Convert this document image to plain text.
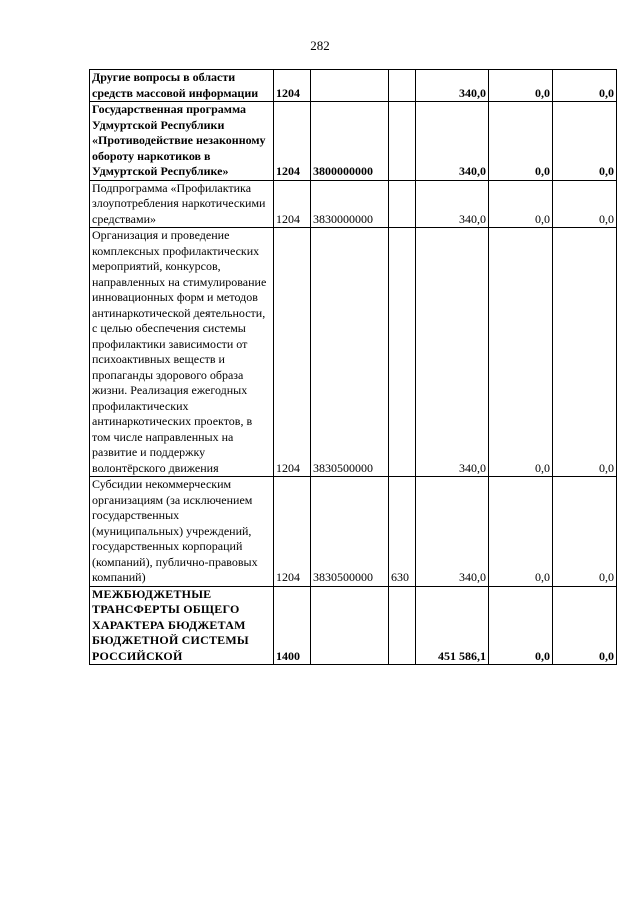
282
Другие вопросы в области средств массовой информации	1204			340,0	0,0	0,0
Государственная программа Удмуртской Республики «Противодействие незаконному обороту наркотиков в Удмуртской Республике»	1204	3800000000		340,0	0,0	0,0
Подпрограмма «Профилактика злоупотребления наркотическими средствами»	1204	3830000000		340,0	0,0	0,0
Организация и проведение комплексных профилактических мероприятий, конкурсов, направленных на стимулирование инновационных форм и методов антинаркотической деятельности, с целью обеспечения системы профилактики зависимости от психоактивных веществ и пропаганды здорового образа жизни. Реализация ежегодных профилактических антинаркотических проектов, в том числе направленных на развитие и поддержку волонтёрского движения	1204	3830500000		340,0	0,0	0,0
Субсидии некоммерческим организациям (за исключением государственных (муниципальных) учреждений, государственных корпораций (компаний), публично-правовых компаний)	1204	3830500000	630	340,0	0,0	0,0
МЕЖБЮДЖЕТНЫЕ ТРАНСФЕРТЫ ОБЩЕГО ХАРАКТЕРА БЮДЖЕТАМ БЮДЖЕТНОЙ СИСТЕМЫ РОССИЙСКОЙ	1400			451 586,1	0,0	0,0
